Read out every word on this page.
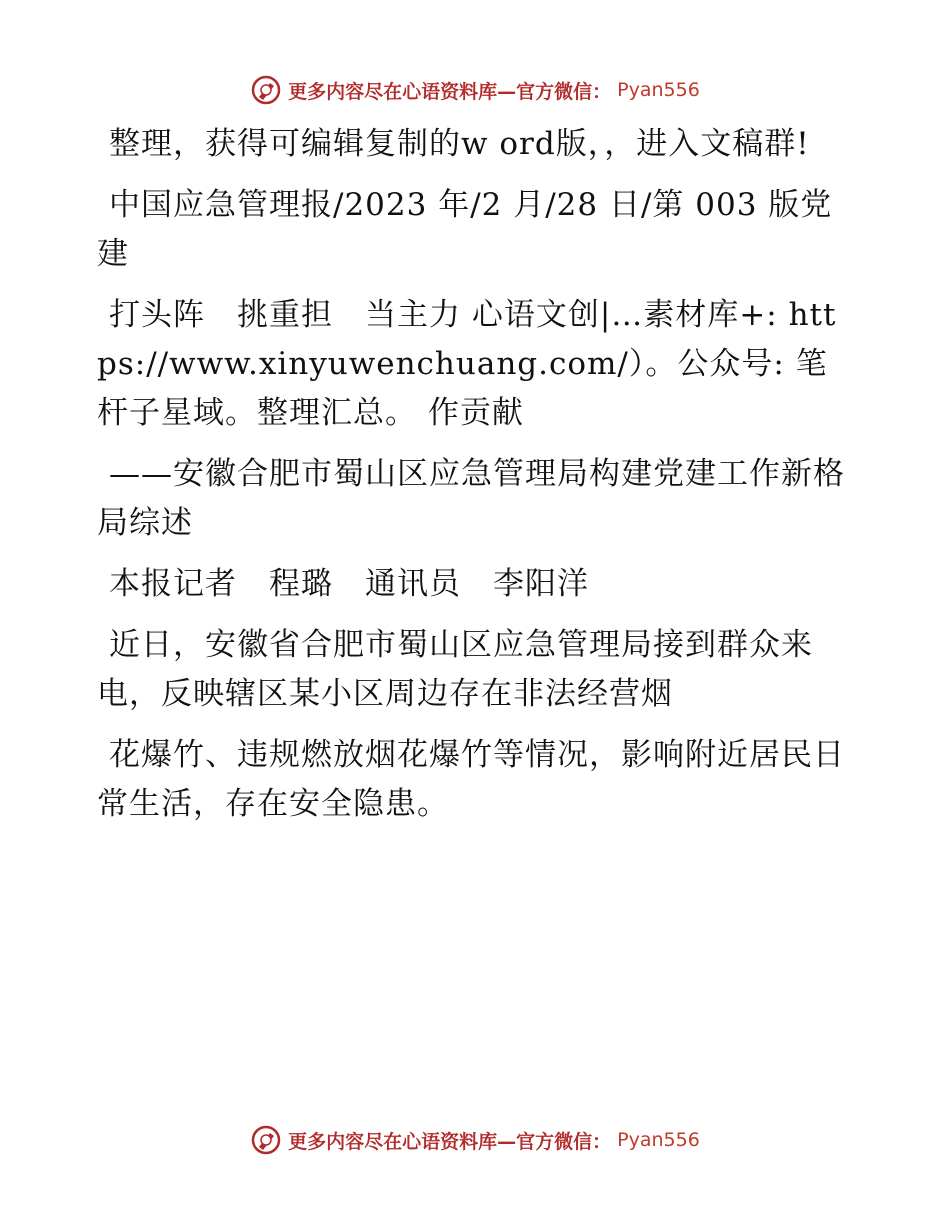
更多内容尽在心语资料库—官方微信： Pyan556

整理，获得可编辑复制的w ord版，，进入文稿群!

中国应急管理报/2023 年/2 月/28 日/第 003 版党建

打头阵　挑重担　当主力 心语文创|…素材库+: https://www.xinyuwenchuang.com/）。公众号: 笔杆子星域。整理汇总。 作贡献

——安徽合肥市蜀山区应急管理局构建党建工作新格局综述

本报记者　程璐　通讯员　李阳洋

近日，安徽省合肥市蜀山区应急管理局接到群众来电，反映辖区某小区周边存在非法经营烟

花爆竹、违规燃放烟花爆竹等情况，影响附近居民日常生活，存在安全隐患。

更多内容尽在心语资料库—官方微信： Pyan556
